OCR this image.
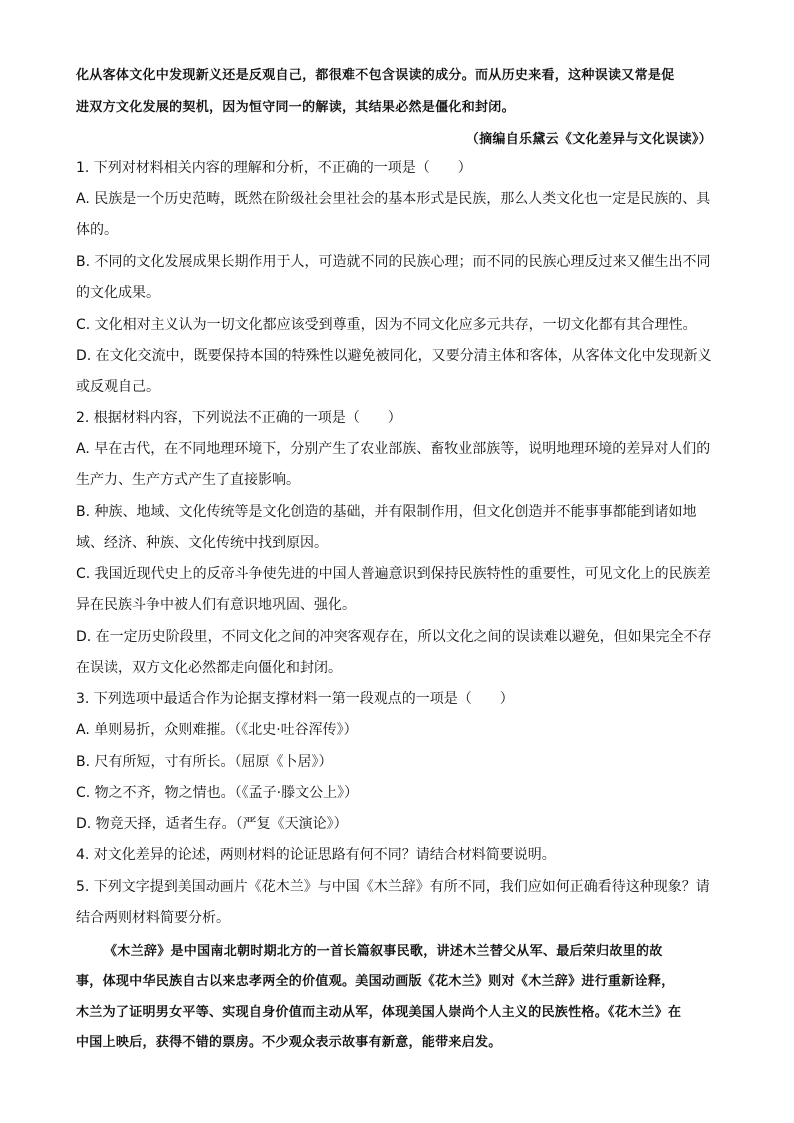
化从客体文化中发现新义还是反观自己，都很难不包含误读的成分。而从历史来看，这种误读又常是促
进双方文化发展的契机，因为恒守同一的解读，其结果必然是僵化和封闭。
（摘编自乐黛云《文化差异与文化误读》）
1. 下列对材料相关内容的理解和分析，不正确的一项是（　　）
A. 民族是一个历史范畴，既然在阶级社会里社会的基本形式是民族，那么人类文化也一定是民族的、具
体的。
B. 不同的文化发展成果长期作用于人，可造就不同的民族心理；而不同的民族心理反过来又催生出不同
的文化成果。
C. 文化相对主义认为一切文化都应该受到尊重，因为不同文化应多元共存，一切文化都有其合理性。
D. 在文化交流中，既要保持本国的特殊性以避免被同化，又要分清主体和客体，从客体文化中发现新义
或反观自己。
2. 根据材料内容，下列说法不正确的一项是（　　）
A. 早在古代，在不同地理环境下，分别产生了农业部族、畜牧业部族等，说明地理环境的差异对人们的
生产力、生产方式产生了直接影响。
B. 种族、地域、文化传统等是文化创造的基础，并有限制作用，但文化创造并不能事事都能到诸如地
域、经济、种族、文化传统中找到原因。
C. 我国近现代史上的反帝斗争使先进的中国人普遍意识到保持民族特性的重要性，可见文化上的民族差
异在民族斗争中被人们有意识地巩固、强化。
D. 在一定历史阶段里，不同文化之间的冲突客观存在，所以文化之间的误读难以避免，但如果完全不存
在误读，双方文化必然都走向僵化和封闭。
3. 下列选项中最适合作为论据支撑材料一第一段观点的一项是（　　）
A. 单则易折，众则难摧。（《北史·吐谷浑传》）
B. 尺有所短，寸有所长。（屈原《卜居》）
C. 物之不齐，物之情也。（《孟子·滕文公上》）
D. 物竞天择，适者生存。（严复《天演论》）
4. 对文化差异的论述，两则材料的论证思路有何不同？请结合材料简要说明。
5. 下列文字提到美国动画片《花木兰》与中国《木兰辞》有所不同，我们应如何正确看待这种现象？请
结合两则材料简要分析。
《木兰辞》是中国南北朝时期北方的一首长篇叙事民歌，讲述木兰替父从军、最后荣归故里的故
事，体现中华民族自古以来忠孝两全的价值观。美国动画版《花木兰》则对《木兰辞》进行重新诠释，
木兰为了证明男女平等、实现自身价值而主动从军，体现美国人崇尚个人主义的民族性格。《花木兰》在
中国上映后，获得不错的票房。不少观众表示故事有新意，能带来启发。
